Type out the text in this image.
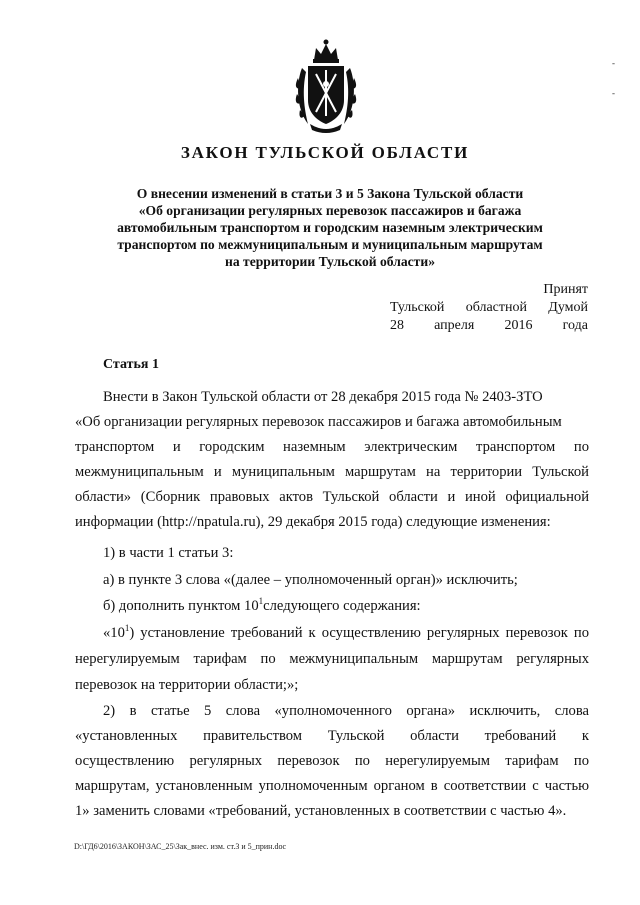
-
-
ЗАКОН ТУЛЬСКОЙ ОБЛАСТИ
О внесении изменений в статьи 3 и 5 Закона Тульской области
«Об организации регулярных перевозок пассажиров и багажа
автомобильным транспортом и городским наземным электрическим
транспортом по межмуниципальным и муниципальным маршрутам
на территории Тульской области»
Принят
Тульской областной Думой
28 апреля 2016 года
Статья 1
Внести в Закон Тульской области от 28 декабря 2015 года № 2403-ЗТО
«Об организации регулярных перевозок пассажиров и багажа автомобильным
транспортом и городским наземным электрическим транспортом по
межмуниципальным и муниципальным маршрутам на территории Тульской
области» (Сборник правовых актов Тульской области и иной официальной
информации (http://npatula.ru), 29 декабря 2015 года) следующие изменения:
1) в части 1 статьи 3:
а) в пункте 3 слова «(далее – уполномоченный орган)» исключить;
б) дополнить пунктом $10^1следующего$ содержания:
«$10^1$) установление требований к осуществлению регулярных перевозок по
нерегулируемым тарифам по межмуниципальным маршрутам регулярных
перевозок на территории области;»;
2) в статье 5 слова «уполномоченного органа» исключить, слова
«установленных правительством Тульской области требований к
осуществлению регулярных перевозок по нерегулируемым тарифам по
маршрутам, установленным уполномоченным органом в соответствии с частью
1» заменить словами «требований, установленных в соответствии с частью 4».
D:\ГД6\2016\ЗАКОН\ЗАС_25\Зак_внес. изм. ст.3 и 5_прин.doc
